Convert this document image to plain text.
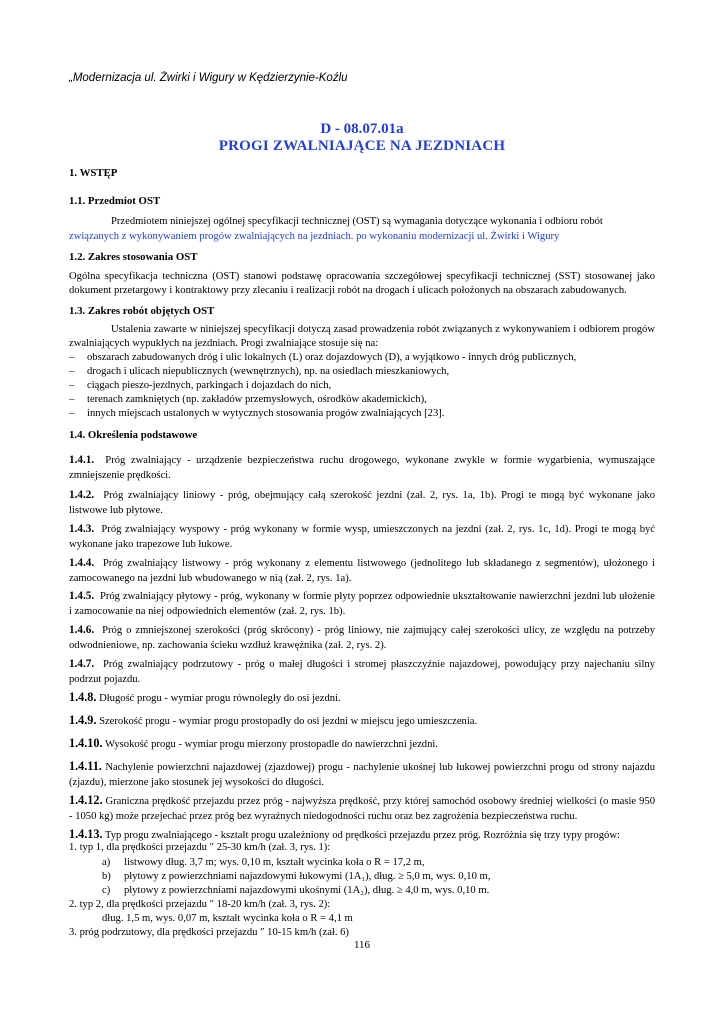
„Modernizacja ul. Żwirki i Wigury w Kędzierzynie-Koźlu
D - 08.07.01a
PROGI ZWALNIAJĄCE NA JEZDNIACH
1. WSTĘP
1.1. Przedmiot OST
Przedmiotem niniejszej ogólnej specyfikacji technicznej (OST) są wymagania dotyczące wykonania i odbioru robót
związanych z wykonywaniem progów zwalniających na jezdniach. po wykonaniu modernizacji ul. Żwirki i Wigury
1.2. Zakres stosowania OST
Ogólna specyfikacja techniczna (OST) stanowi podstawę opracowania szczegółowej specyfikacji technicznej (SST) stosowanej jako dokument przetargowy i kontraktowy przy zlecaniu i realizacji robót na drogach i ulicach położonych na obszarach zabudowanych.
1.3. Zakres robót objętych OST
Ustalenia zawarte w niniejszej specyfikacji dotyczą zasad prowadzenia robót związanych z wykonywaniem i odbiorem progów zwalniających wypukłych na jezdniach. Progi zwalniające stosuje się na:
– obszarach zabudowanych dróg i ulic lokalnych (L) oraz dojazdowych (D), a wyjątkowo - innych dróg publicznych,
– drogach i ulicach niepublicznych (wewnętrznych), np. na osiedlach mieszkaniowych,
– ciągach pieszo-jezdnych, parkingach i dojazdach do nich,
– terenach zamkniętych (np. zakładów przemysłowych, ośrodków akademickich),
– innych miejscach ustalonych w wytycznych stosowania progów zwalniających [23].
1.4. Określenia podstawowe
1.4.1. Próg zwalniający - urządzenie bezpieczeństwa ruchu drogowego, wykonane zwykle w formie wygarbienia, wymuszające zmniejszenie prędkości.
1.4.2. Próg zwalniający liniowy - próg, obejmujący całą szerokość jezdni (zał. 2, rys. 1a, 1b). Progi te mogą być wykonane jako listwowe lub płytowe.
1.4.3. Próg zwalniający wyspowy - próg wykonany w formie wysp, umieszczonych na jezdni (zał. 2, rys. 1c, 1d). Progi te mogą być wykonane jako trapezowe lub łukowe.
1.4.4. Próg zwalniający listwowy - próg wykonany z elementu listwowego (jednolitego lub składanego z segmentów), ułożonego i zamocowanego na jezdni lub wbudowanego w nią (zał. 2, rys. 1a).
1.4.5. Próg zwalniający płytowy - próg, wykonany w formie płyty poprzez odpowiednie ukształtowanie nawierzchni jezdni lub ułożenie i zamocowanie na niej odpowiednich elementów (zał. 2, rys. 1b).
1.4.6. Próg o zmniejszonej szerokości (próg skrócony) - próg liniowy, nie zajmujący całej szerokości ulicy, ze względu na potrzeby odwodnieniowe, np. zachowania ścieku wzdłuż krawężnika (zał. 2, rys. 2).
1.4.7. Próg zwalniający podrzutowy - próg o małej długości i stromej płaszczyźnie najazdowej, powodujący przy najechaniu silny podrzut pojazdu.
1.4.8. Długość progu - wymiar progu równoległy do osi jezdni.
1.4.9. Szerokość progu - wymiar progu prostopadły do osi jezdni w miejscu jego umieszczenia.
1.4.10. Wysokość progu - wymiar progu mierzony prostopadle do nawierzchni jezdni.
1.4.11. Nachylenie powierzchni najazdowej (zjazdowej) progu - nachylenie ukośnej lub łukowej powierzchni progu od strony najazdu (zjazdu), mierzone jako stosunek jej wysokości do długości.
1.4.12. Graniczna prędkość przejazdu przez próg - najwyższa prędkość, przy której samochód osobowy średniej wielkości (o masie 950 - 1050 kg) może przejechać przez próg bez wyraźnych niedogodności ruchu oraz bez zagrożenia bezpieczeństwa ruchu.
1.4.13. Typ progu zwalniającego - kształt progu uzależniony od prędkości przejazdu przez próg. Rozróżnia się trzy typy progów:
1. typ 1, dla prędkości przejazdu ″ 25-30 km/h (zał. 3, rys. 1):
a) listwowy dług. 3,7 m; wys. 0,10 m, kształt wycinka koła o R = 17,2 m,
b) płytowy z powierzchniami najazdowymi łukowymi (1A₁), dług. ≥ 5,0 m, wys. 0,10 m,
c) płytowy z powierzchniami najazdowymi ukośnymi (1A₂), dług. ≥ 4,0 m, wys. 0,10 m.
2. typ 2, dla prędkości przejazdu ″ 18-20 km/h (zał. 3, rys. 2):
dług. 1,5 m, wys. 0,07 m, kształt wycinka koła o R = 4,1 m
3. próg podrzutowy, dla prędkości przejazdu ″ 10-15 km/h (zał. 6)
116
